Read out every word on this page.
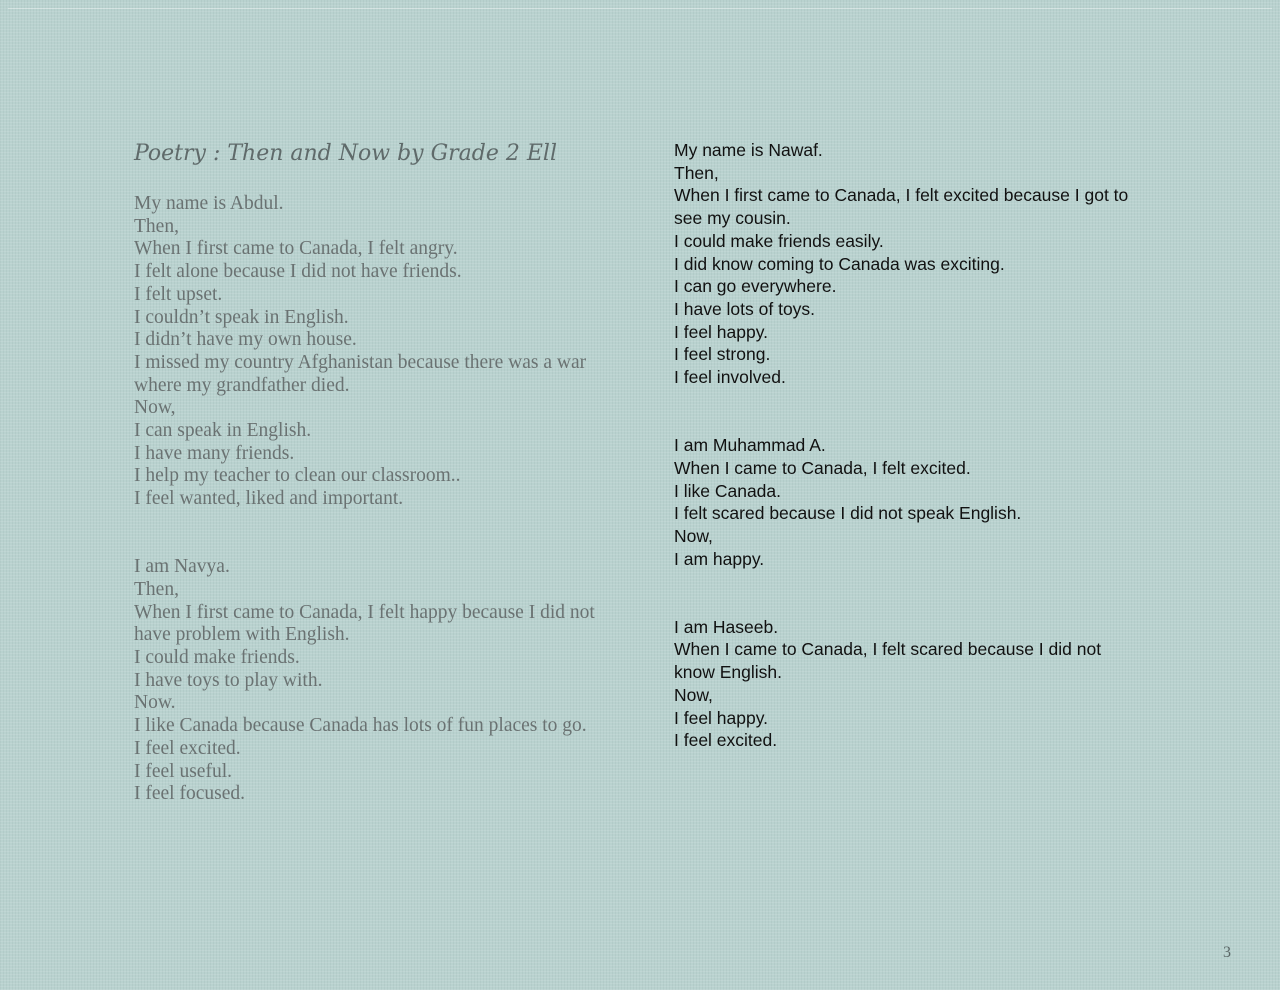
Poetry : Then and Now by Grade 2 Ell
My name is Abdul.
Then,
When I first came to Canada, I felt angry.
I felt alone because I did not have friends.
I felt upset.
I couldn’t speak in English.
I didn’t have my own house.
I missed my country Afghanistan because there was a war where my grandfather died.
Now,
I can speak in English.
I have many friends.
I help my teacher to clean our classroom..
I feel wanted, liked and important.
I am Navya.
Then,
When I first came to Canada, I felt happy because I did not have problem with English.
I could make friends.
I have toys to play with.
Now.
I like Canada because Canada has lots of fun places to go.
I feel excited.
I feel useful.
I feel focused.
My name is Nawaf.
Then,
When I first came to Canada, I felt excited because I got to see my cousin.
I could make friends easily.
I did know coming to Canada was exciting.
I can go everywhere.
I have lots of toys.
I feel happy.
I feel strong.
I feel involved.
I am Muhammad A.
When I came to Canada, I felt excited.
I like Canada.
I felt scared because I did not speak English.
Now,
I am happy.
I am Haseeb.
When I came to Canada, I felt scared because I did not know English.
Now,
I feel happy.
I feel excited.
3
